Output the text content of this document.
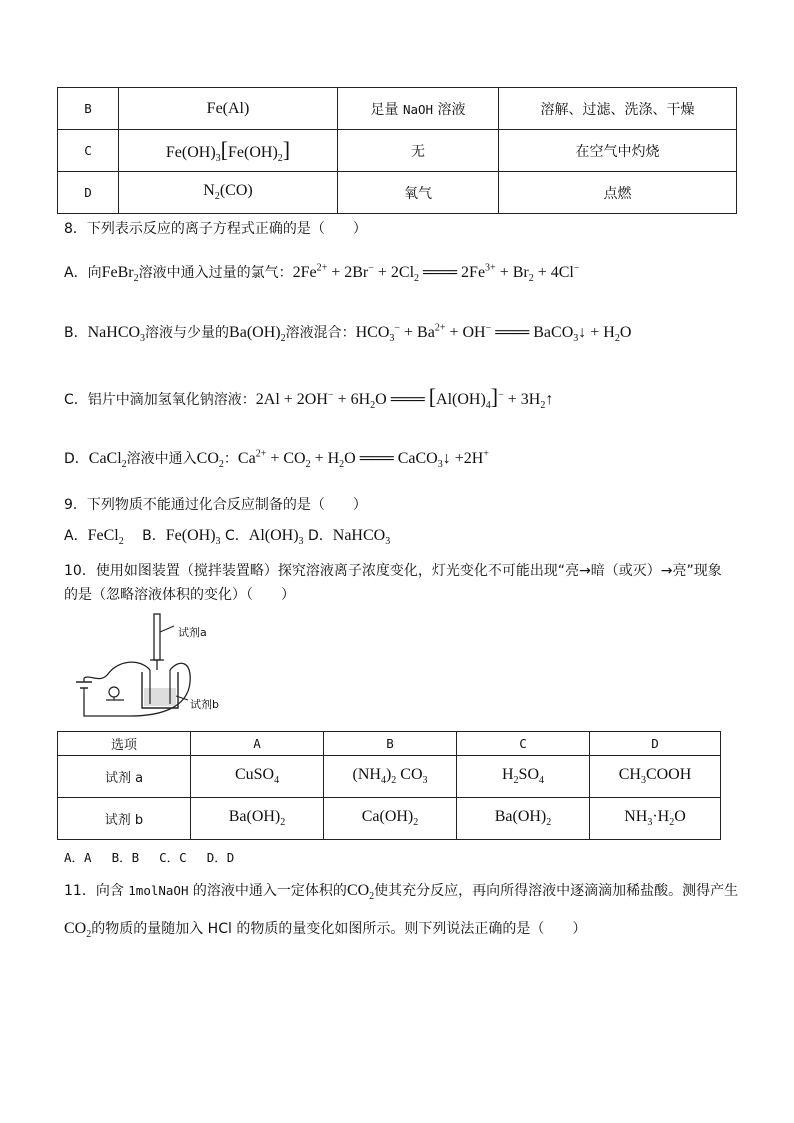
B	Fe(Al)	足量 NaOH 溶液	溶解、过滤、洗涤、干燥
C	$Fe(OH)_3[Fe(OH)_2]$	无	在空气中灼烧
D	$N_2(CO)$	氧气	点燃
8．下列表示反应的离子方程式正确的是（　　）
A．向FeBr$_2$溶液中通入过量的氯气：$2Fe^{2+} + 2Br^- + 2Cl_2$ ═══ $2Fe^{3+} + Br_2 + 4Cl^-$
B．NaHCO$_3$溶液与少量的$Ba(OH)_2$溶液混合：$HCO_3^- + Ba^{2+} + OH^-$ ═══ BaCO$_3$↓ + $H_2O$
C．铝片中滴加氢氧化钠溶液：$2Al + 2OH^- + 6H_2O$ ═══ $[Al(OH)_4]^-$ + $3H_2↑$
D．CaCl$_2$溶液中通入$CO_2$：$Ca^{2+} + CO_2 + H_2O$ ═══ CaCO$_3$↓ +2H+
9．下列物质不能通过化合反应制备的是（　　）
A．FeCl$_2$　 B．$Fe(OH)_3$ C．$Al(OH)_3$ D．NaHCO$_3$
10．使用如图装置（搅拌装置略）探究溶液离子浓度变化，灯光变化不可能出现“亮→暗（或灭）→亮”现象
的是（忽略溶液体积的变化）（　　）
试剂a
试剂b
选项	A	B	C	D
试剂 a	CuSO$_4$	$(NH_4)_2$ $CO_3$	$H_2SO_4$	$CH_3COOH$
试剂 b	$Ba(OH)_2$	$Ca(OH)_2$	$Ba(OH)_2$	$NH_3\cdot H_2O$
A．A　 B．B　 C．C　 D．D
11．向含 1molNaOH 的溶液中通入一定体积的$CO_2$使其充分反应，再向所得溶液中逐滴滴加稀盐酸。测得产生
$CO_2$的物质的量随加入 HCl 的物质的量变化如图所示。则下列说法正确的是（　　）
